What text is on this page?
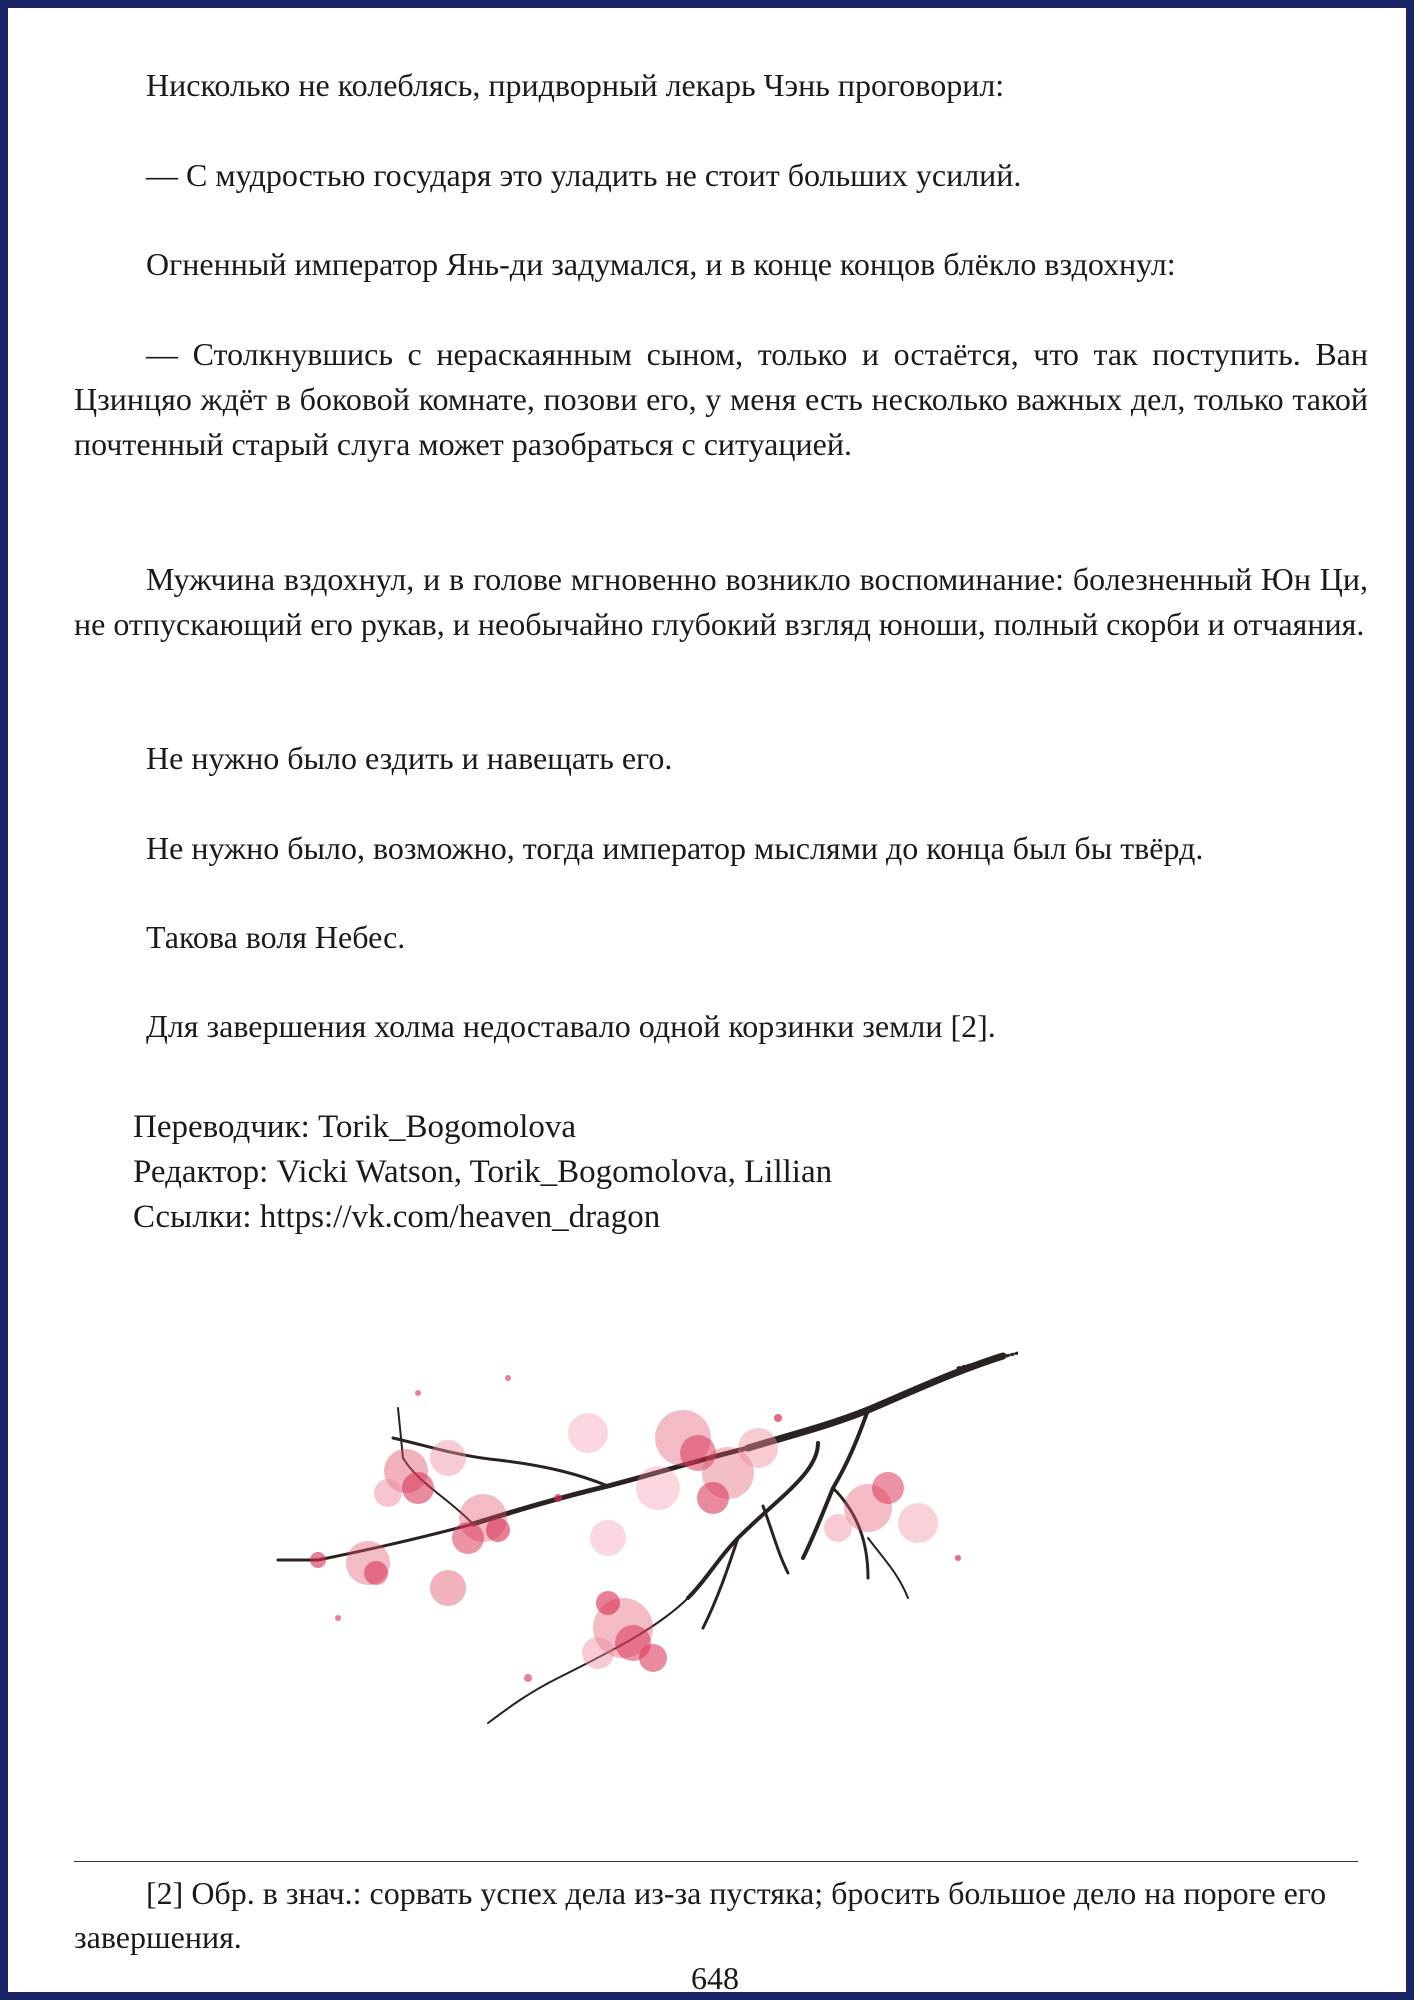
Нисколько не колеблясь, придворный лекарь Чэнь проговорил:

— С мудростью государя это уладить не стоит больших усилий.

Огненный император Янь-ди задумался, и в конце концов блёкло вздохнул:

— Столкнувшись с нераскаянным сыном, только и остаётся, что так поступить. Ван Цзинцяо ждёт в боковой комнате, позови его, у меня есть несколько важных дел, только такой почтенный старый слуга может разобраться с ситуацией.

Мужчина вздохнул, и в голове мгновенно возникло воспоминание: болезненный Юн Ци, не отпускающий его рукав, и необычайно глубокий взгляд юноши, полный скорби и отчаяния.

Не нужно было ездить и навещать его.

Не нужно было, возможно, тогда император мыслями до конца был бы твёрд.

Такова воля Небес.

Для завершения холма недоставало одной корзинки земли [2].

Переводчик: Torik_Bogomolova
Редактор: Vicki Watson, Torik_Bogomolova, Lillian
Ссылки: https://vk.com/heaven_dragon

[2] Обр. в знач.: сорвать успех дела из-за пустяка; бросить большое дело на пороге его завершения.

648
